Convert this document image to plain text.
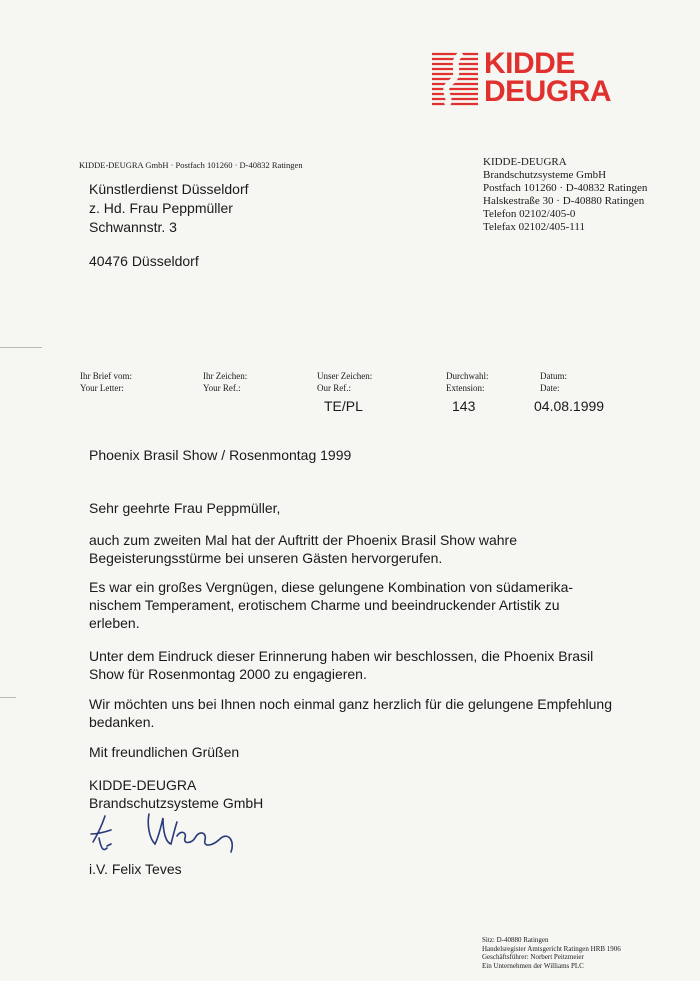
KIDDE
DEUGRA
KIDDE-DEUGRA GmbH · Postfach 101260 · D-40832 Ratingen
Künstlerdienst Düsseldorf
z. Hd. Frau Peppmüller
Schwannstr. 3
40476 Düsseldorf
KIDDE-DEUGRA
Brandschutzsysteme GmbH
Postfach 101260 · D-40832 Ratingen
Halskestraße 30 · D-40880 Ratingen
Telefon 02102/405-0
Telefax 02102/405-111
Ihr Brief vom:
Your Letter:
Ihr Zeichen:
Your Ref.:
Unser Zeichen:
Our Ref.:
Durchwahl:
Extension:
Datum:
Date:
TE/PL	143	04.08.1999
Phoenix Brasil Show / Rosenmontag 1999
Sehr geehrte Frau Peppmüller,
auch zum zweiten Mal hat der Auftritt der Phoenix Brasil Show wahre
Begeisterungsstürme bei unseren Gästen hervorgerufen.
Es war ein großes Vergnügen, diese gelungene Kombination von südamerika-
nischem Temperament, erotischem Charme und beeindruckender Artistik zu
erleben.
Unter dem Eindruck dieser Erinnerung haben wir beschlossen, die Phoenix Brasil
Show für Rosenmontag 2000 zu engagieren.
Wir möchten uns bei Ihnen noch einmal ganz herzlich für die gelungene Empfehlung
bedanken.
Mit freundlichen Grüßen
KIDDE-DEUGRA
Brandschutzsysteme GmbH
i.V. Felix Teves
Sitz: D-40880 Ratingen
Handelsregister Amtsgericht Ratingen HRB 1906
Geschäftsführer: Norbert Peitzmeier
Ein Unternehmen der Williams PLC
